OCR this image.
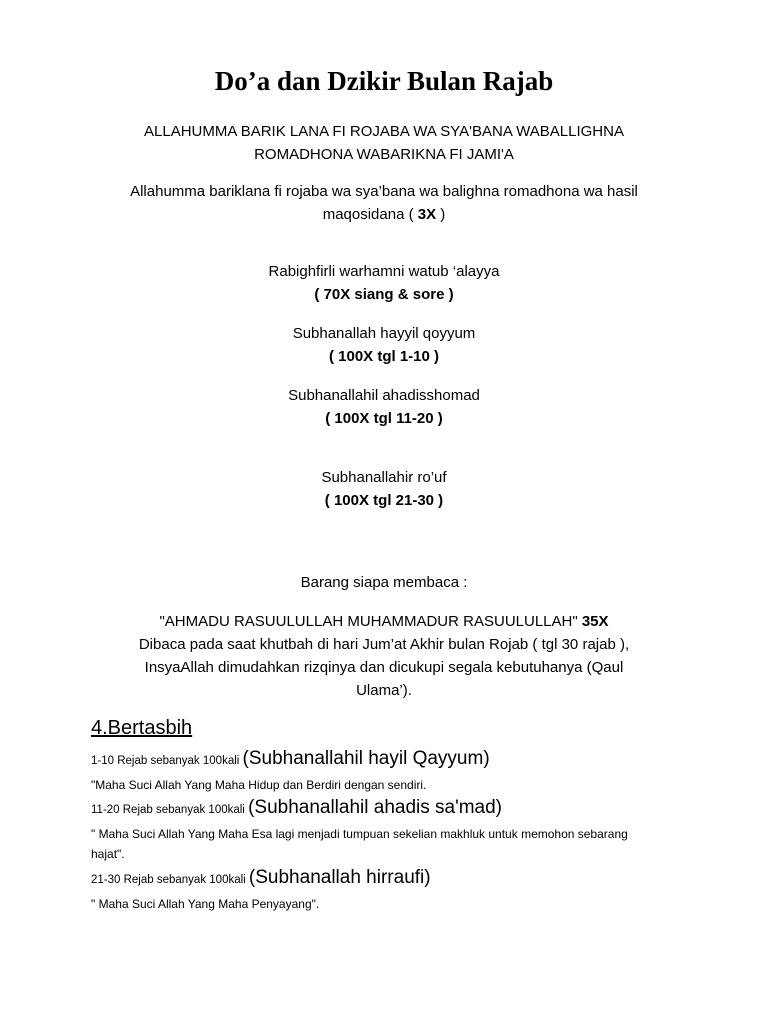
Do’a dan Dzikir Bulan Rajab
ALLAHUMMA BARIK LANA FI ROJABA WA SYA'BANA WABALLIGHNA
ROMADHONA WABARIKNA FI JAMI'A
Allahumma bariklana fi rojaba wa sya’bana wa balighna romadhona wa hasil
maqosidana ( 3X )
Rabighfirli warhamni watub ‘alayya
( 70X siang & sore )
Subhanallah hayyil qoyyum
( 100X tgl 1-10 )
Subhanallahil ahadisshomad
( 100X tgl 11-20 )
Subhanallahir ro’uf
( 100X tgl 21-30 )
Barang siapa membaca :
"AHMADU RASUULULLAH MUHAMMADUR RASUULULLAH" 35X
Dibaca pada saat khutbah di hari Jum’at Akhir bulan Rojab ( tgl 30 rajab ),
InsyaAllah dimudahkan rizqinya dan dicukupi segala kebutuhanya (Qaul
Ulama’).
4.Bertasbih
1-10 Rejab sebanyak 100kali (Subhanallahil hayil Qayyum)
"Maha Suci Allah Yang Maha Hidup dan Berdiri dengan sendiri.
11-20 Rejab sebanyak 100kali (Subhanallahil ahadis sa'mad)
" Maha Suci Allah Yang Maha Esa lagi menjadi tumpuan sekelian makhluk untuk memohon sebarang
hajat".
21-30 Rejab sebanyak 100kali (Subhanallah hirraufi)
" Maha Suci Allah Yang Maha Penyayang".
